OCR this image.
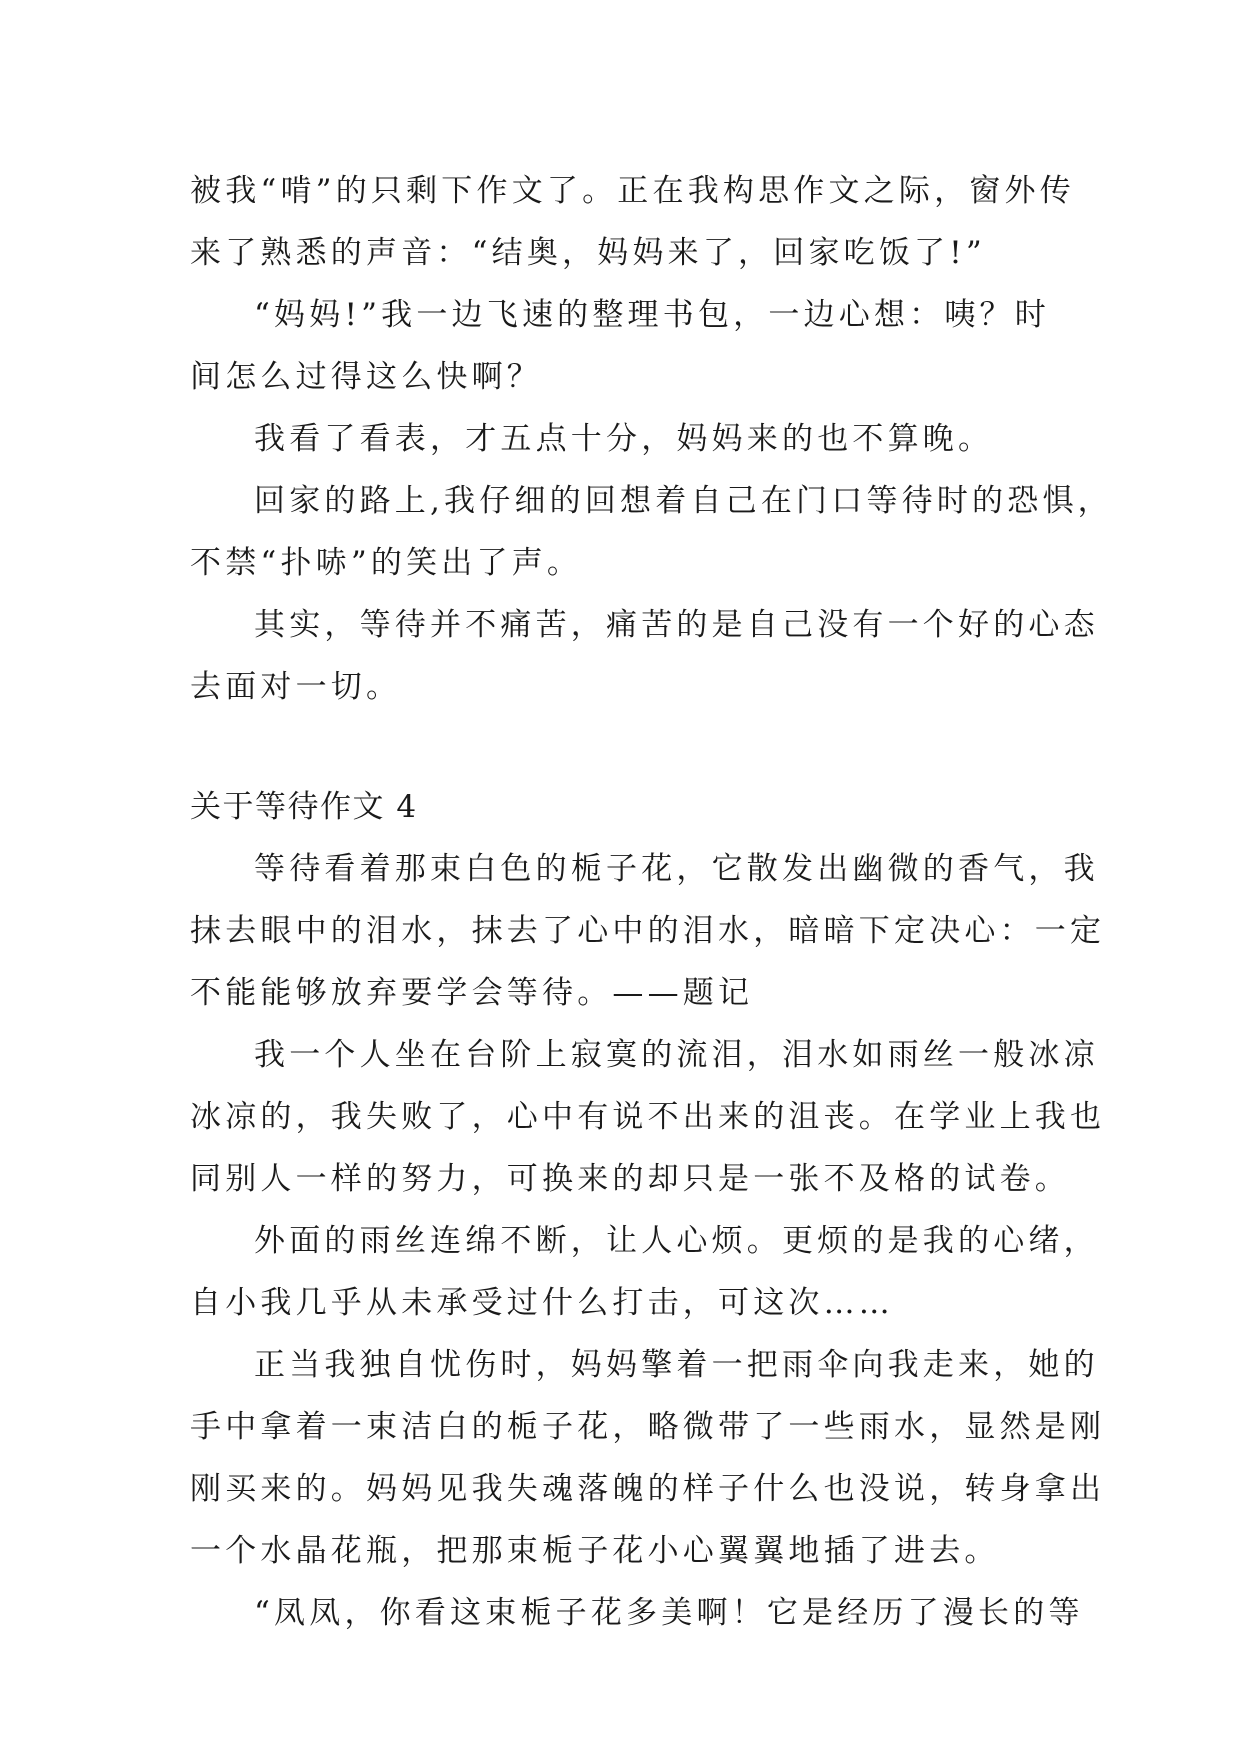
被我“啃”的只剩下作文了。正在我构思作文之际，窗外传
来了熟悉的声音：“结奥，妈妈来了，回家吃饭了!”
“妈妈!”我一边飞速的整理书包，一边心想：咦？时
间怎么过得这么快啊？
我看了看表，才五点十分，妈妈来的也不算晚。
回家的路上,我仔细的回想着自己在门口等待时的恐惧，
不禁“扑哧”的笑出了声。
其实，等待并不痛苦，痛苦的是自己没有一个好的心态
去面对一切。
关于等待作文 4
等待看着那束白色的栀子花，它散发出幽微的香气，我
抹去眼中的泪水，抹去了心中的泪水，暗暗下定决心：一定
不能能够放弃要学会等待。——题记
我一个人坐在台阶上寂寞的流泪，泪水如雨丝一般冰凉
冰凉的，我失败了，心中有说不出来的沮丧。在学业上我也
同别人一样的努力，可换来的却只是一张不及格的试卷。
外面的雨丝连绵不断，让人心烦。更烦的是我的心绪，
自小我几乎从未承受过什么打击，可这次……
正当我独自忧伤时，妈妈擎着一把雨伞向我走来，她的
手中拿着一束洁白的栀子花，略微带了一些雨水，显然是刚
刚买来的。妈妈见我失魂落魄的样子什么也没说，转身拿出
一个水晶花瓶，把那束栀子花小心翼翼地插了进去。
“凤凤，你看这束栀子花多美啊！它是经历了漫长的等
